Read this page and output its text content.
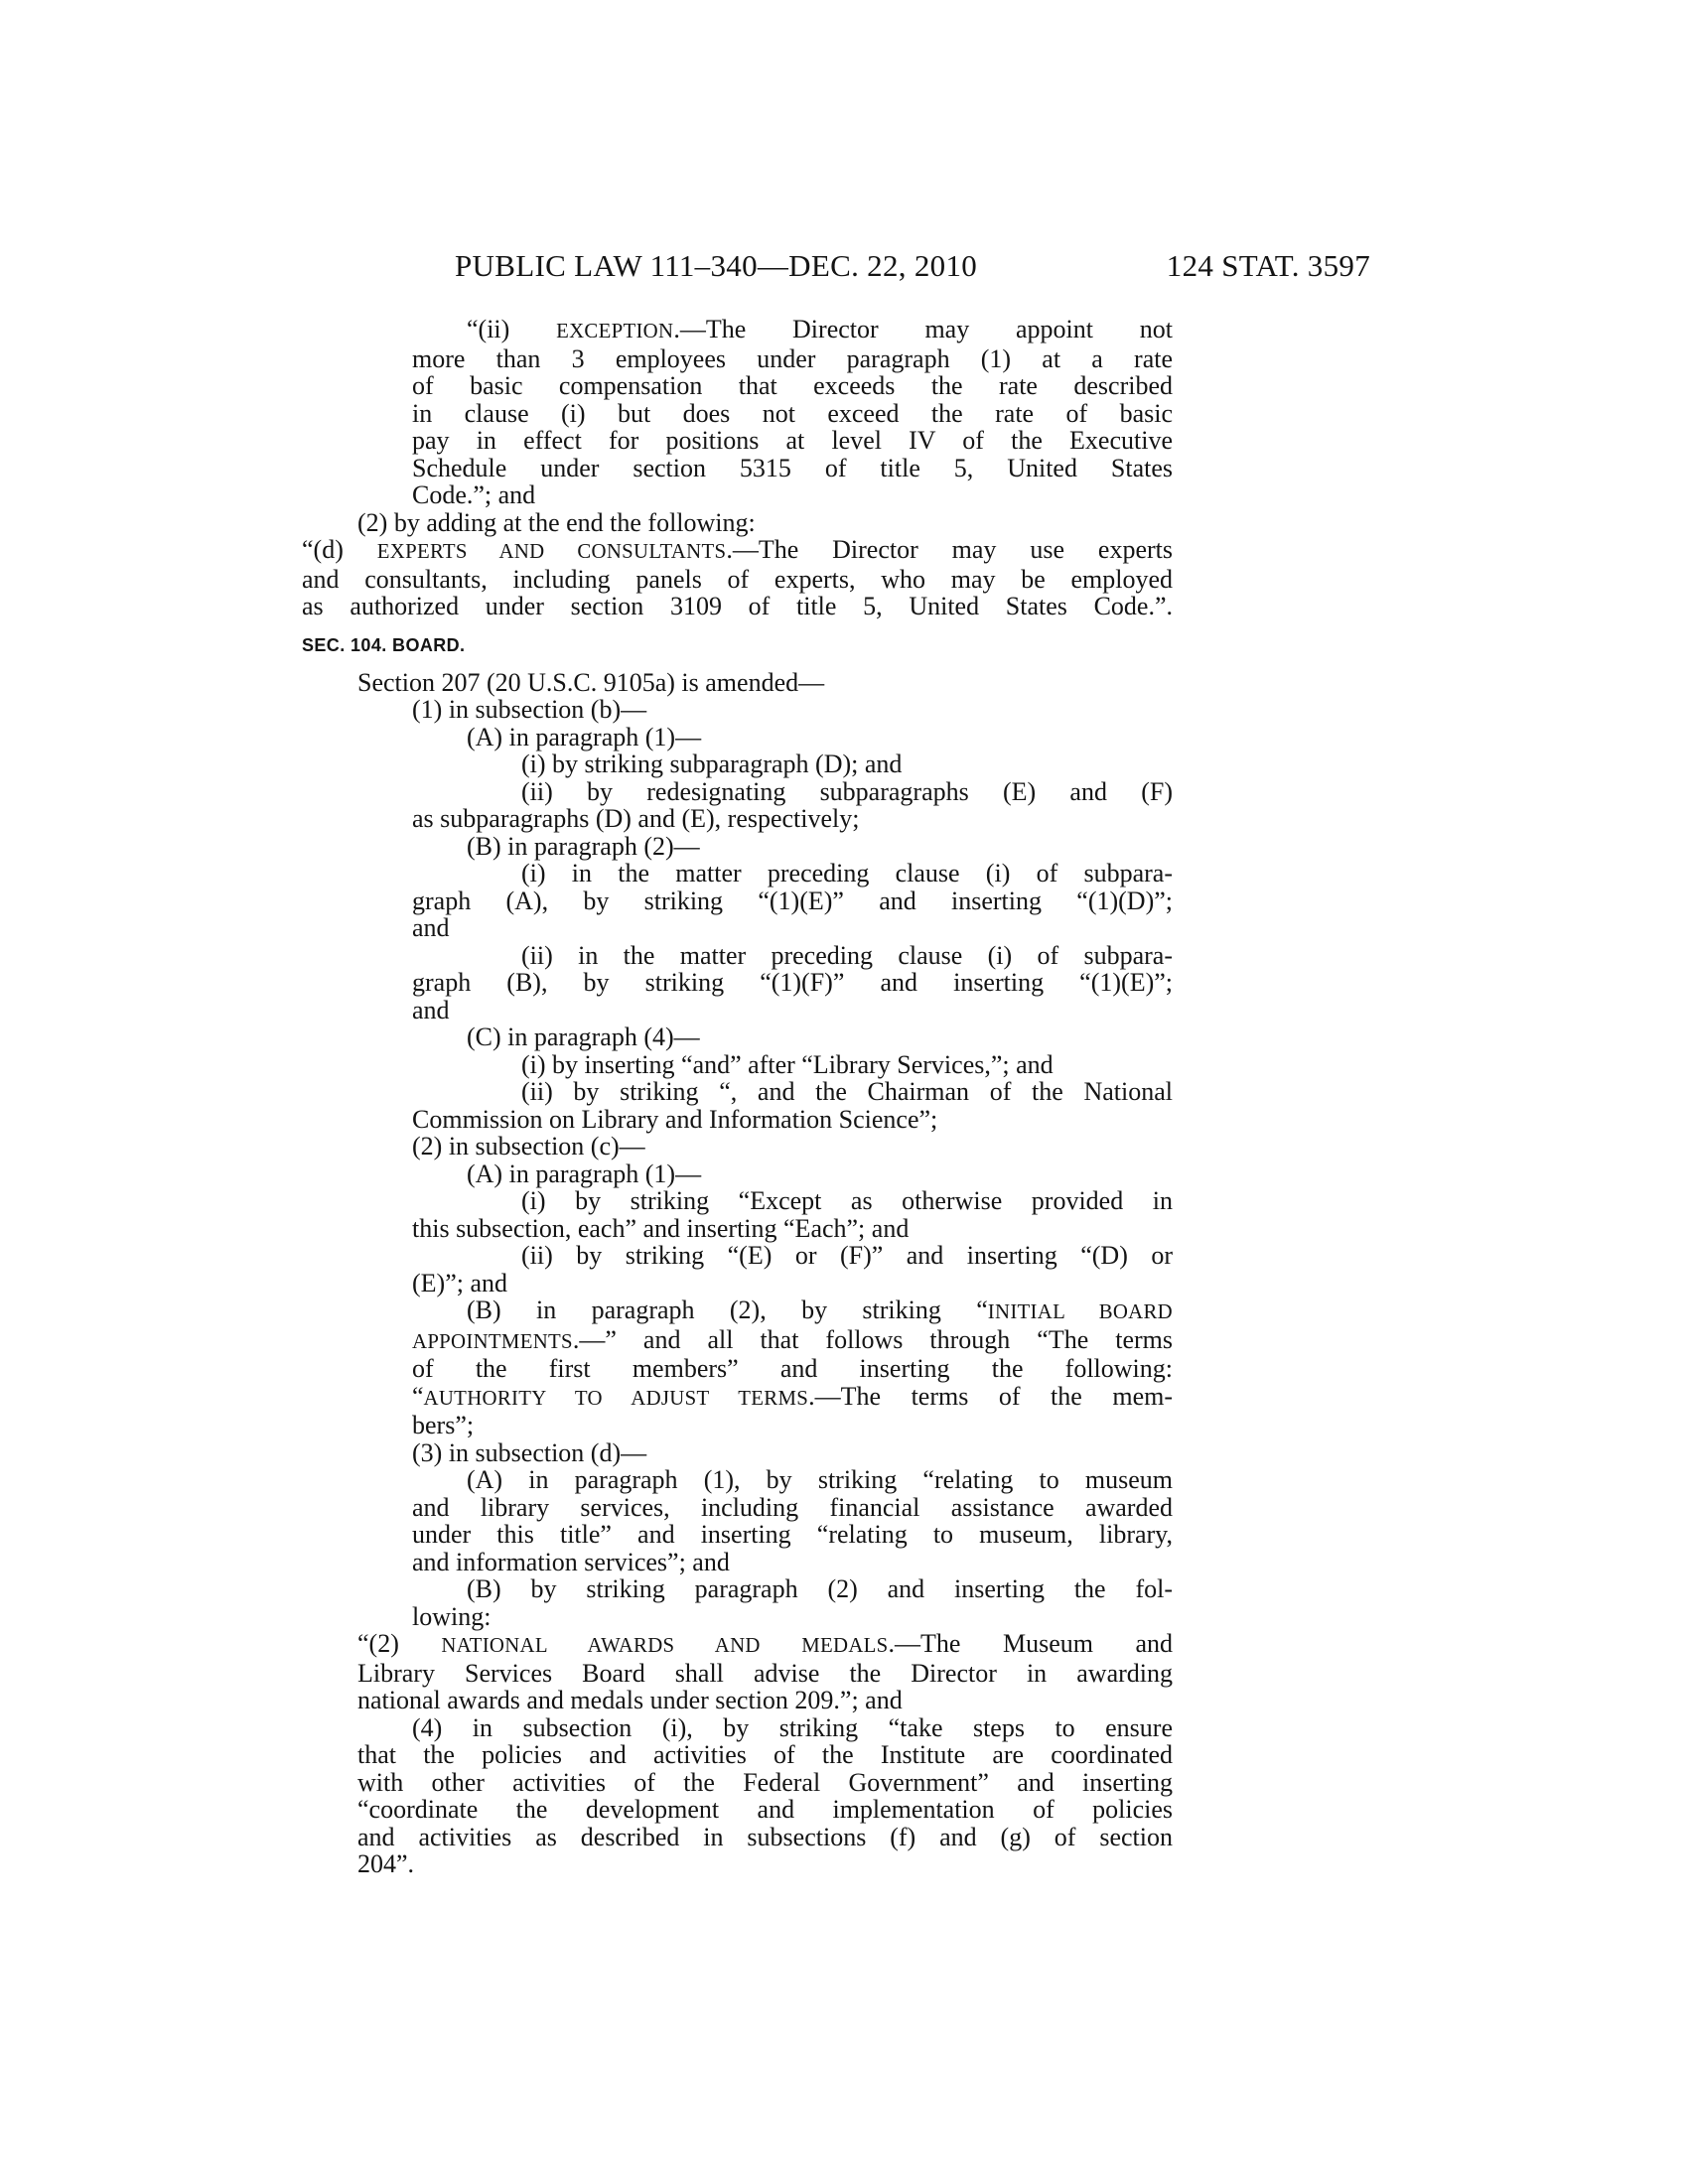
PUBLIC LAW 111–340—DEC. 22, 2010	124 STAT. 3597
“(ii) EXCEPTION.—The Director may appoint not
more than 3 employees under paragraph (1) at a rate
of basic compensation that exceeds the rate described
in clause (i) but does not exceed the rate of basic
pay in effect for positions at level IV of the Executive
Schedule under section 5315 of title 5, United States
Code.”; and
(2) by adding at the end the following:
“(d) EXPERTS AND CONSULTANTS.—The Director may use experts
and consultants, including panels of experts, who may be employed
as authorized under section 3109 of title 5, United States Code.”.
SEC. 104. BOARD.
Section 207 (20 U.S.C. 9105a) is amended—
(1) in subsection (b)—
(A) in paragraph (1)—
(i) by striking subparagraph (D); and
(ii) by redesignating subparagraphs (E) and (F)
as subparagraphs (D) and (E), respectively;
(B) in paragraph (2)—
(i) in the matter preceding clause (i) of subpara-
graph (A), by striking “(1)(E)” and inserting “(1)(D)”;
and
(ii) in the matter preceding clause (i) of subpara-
graph (B), by striking “(1)(F)” and inserting “(1)(E)”;
and
(C) in paragraph (4)—
(i) by inserting “and” after “Library Services,”; and
(ii) by striking “, and the Chairman of the National
Commission on Library and Information Science”;
(2) in subsection (c)—
(A) in paragraph (1)—
(i) by striking “Except as otherwise provided in
this subsection, each” and inserting “Each”; and
(ii) by striking “(E) or (F)” and inserting “(D) or
(E)”; and
(B) in paragraph (2), by striking “INITIAL BOARD
APPOINTMENTS.—” and all that follows through “The terms
of the first members” and inserting the following:
“AUTHORITY TO ADJUST TERMS.—The terms of the mem-
bers”;
(3) in subsection (d)—
(A) in paragraph (1), by striking “relating to museum
and library services, including financial assistance awarded
under this title” and inserting “relating to museum, library,
and information services”; and
(B) by striking paragraph (2) and inserting the fol-
lowing:
“(2) NATIONAL AWARDS AND MEDALS.—The Museum and
Library Services Board shall advise the Director in awarding
national awards and medals under section 209.”; and
(4) in subsection (i), by striking “take steps to ensure
that the policies and activities of the Institute are coordinated
with other activities of the Federal Government” and inserting
“coordinate the development and implementation of policies
and activities as described in subsections (f) and (g) of section
204”.
